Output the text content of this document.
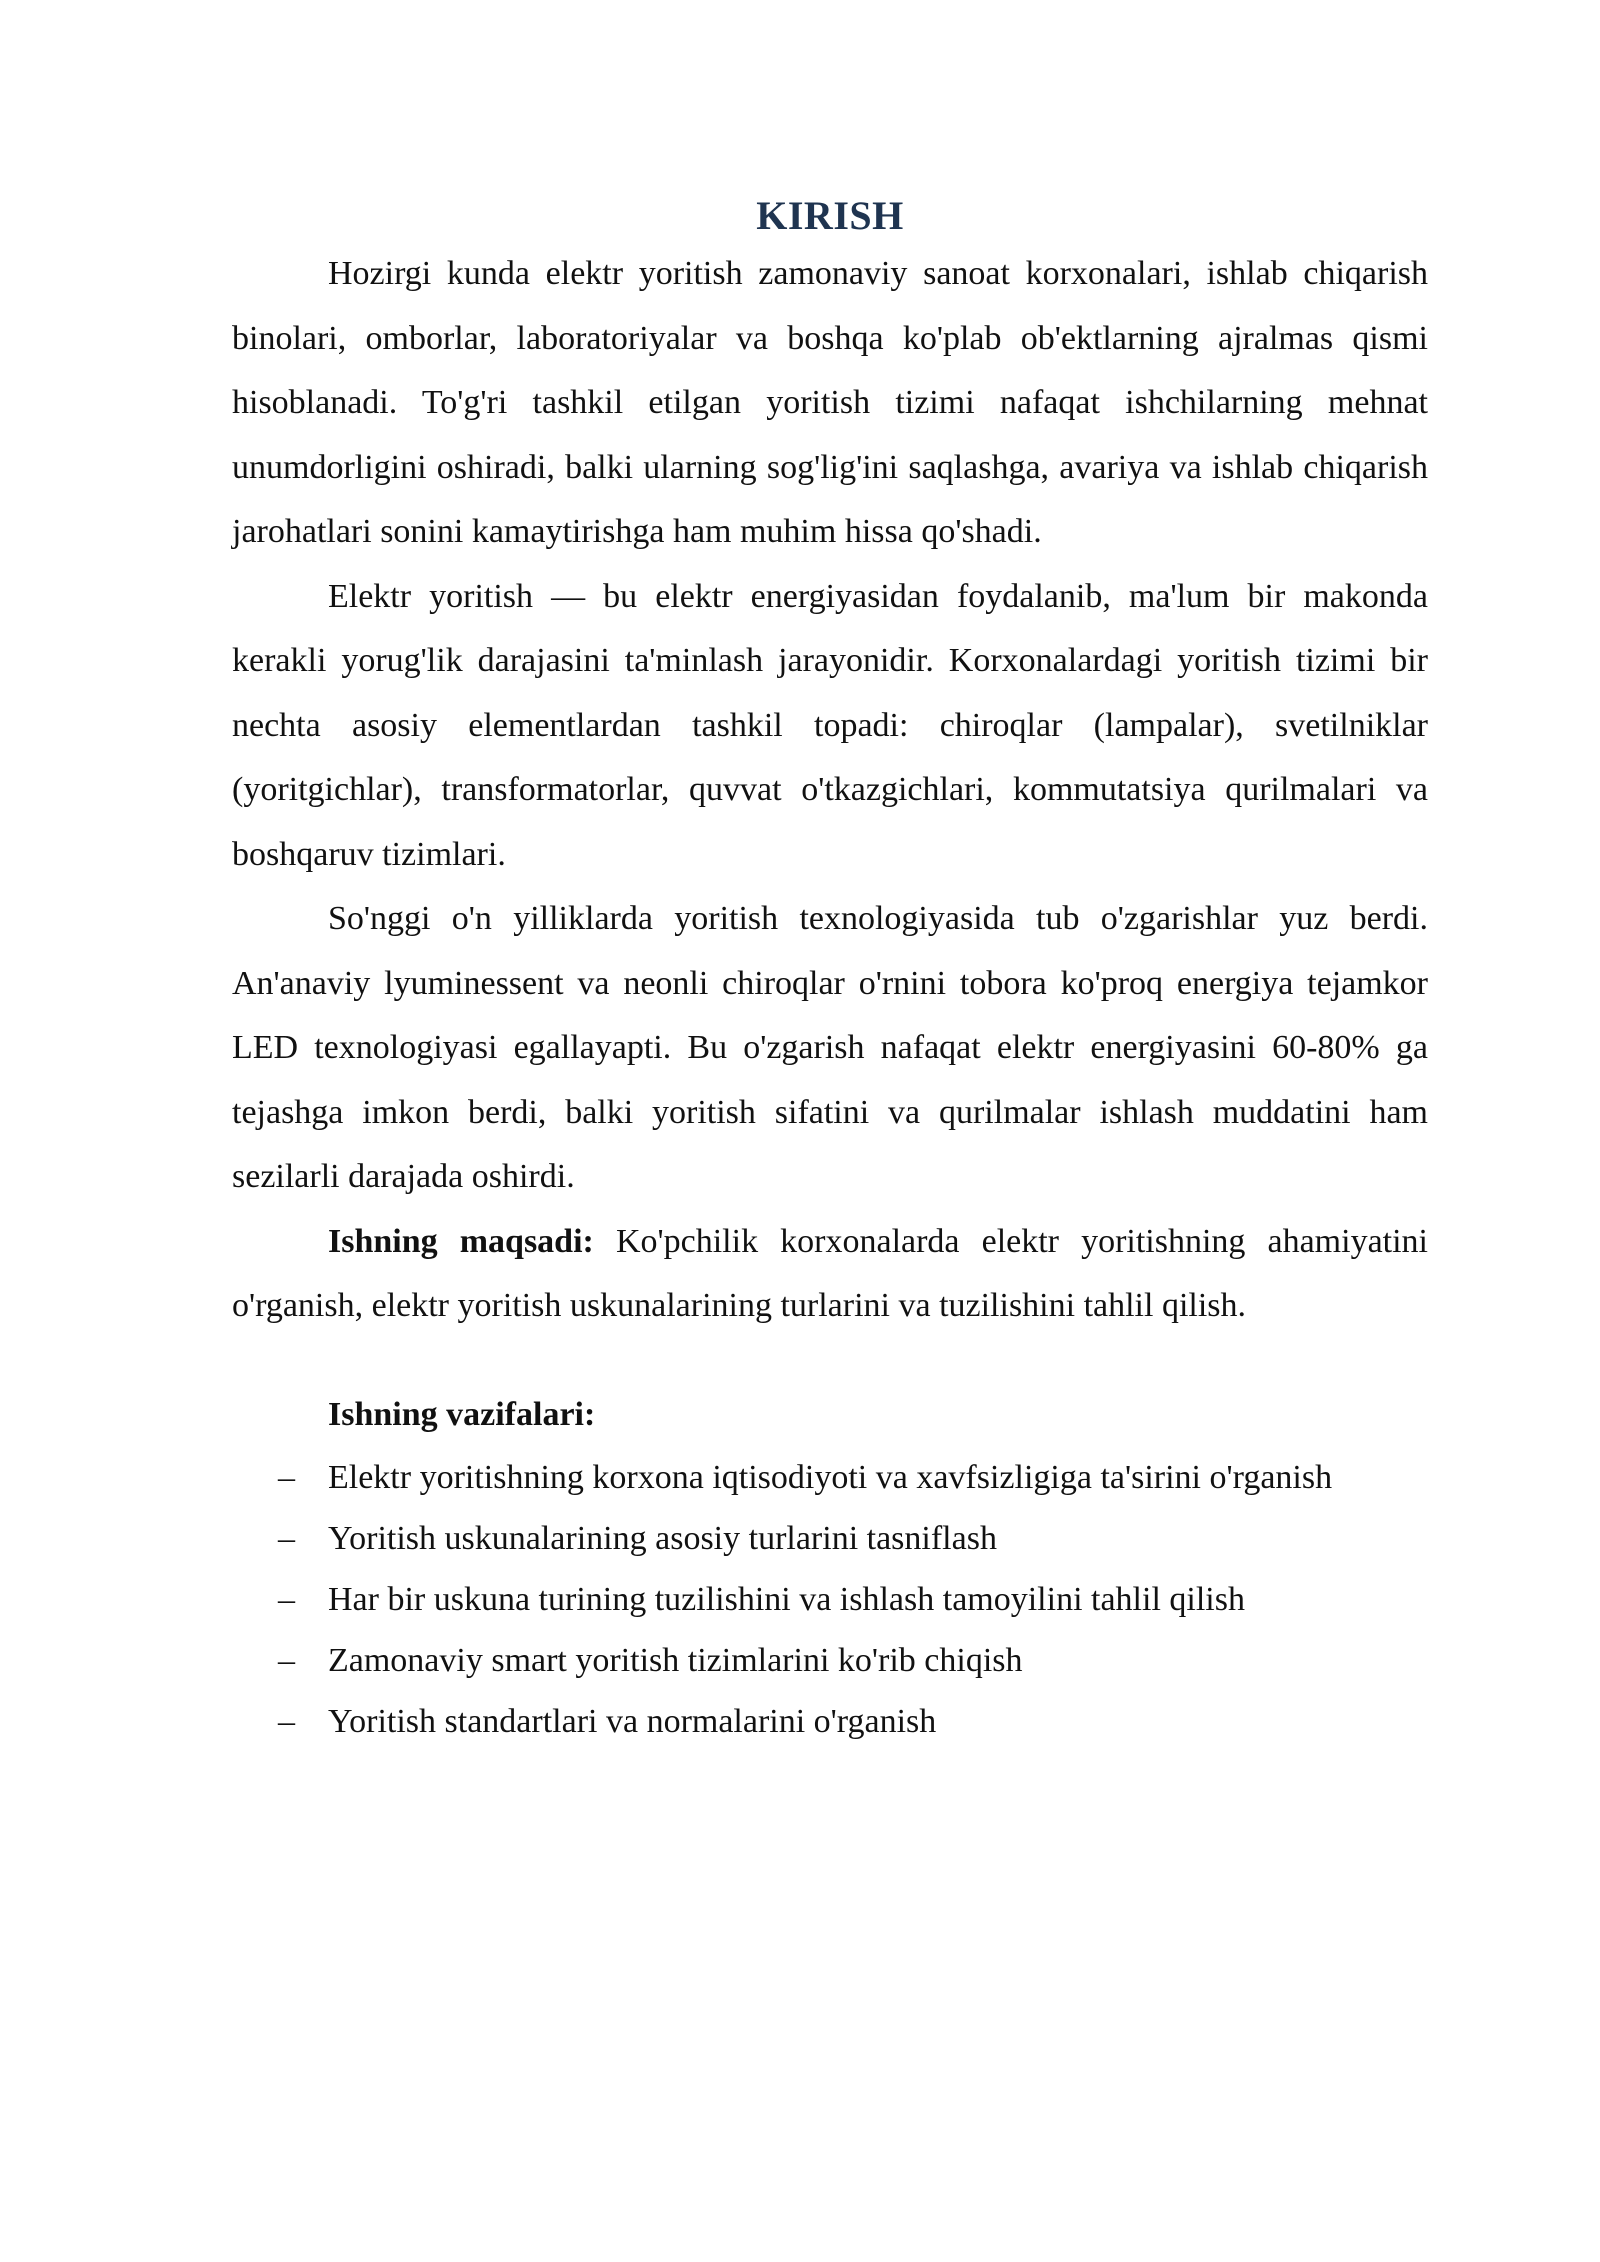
KIRISH

Hozirgi kunda elektr yoritish zamonaviy sanoat korxonalari, ishlab chiqarish binolari, omborlar, laboratoriyalar va boshqa ko'plab ob'ektlarning ajralmas qismi hisoblanadi. To'g'ri tashkil etilgan yoritish tizimi nafaqat ishchilarning mehnat unumdorligini oshiradi, balki ularning sog'lig'ini saqlashga, avariya va ishlab chiqarish jarohatlari sonini kamaytirishga ham muhim hissa qo'shadi.

Elektr yoritish — bu elektr energiyasidan foydalanib, ma'lum bir makonda kerakli yorug'lik darajasini ta'minlash jarayonidir. Korxonalardagi yoritish tizimi bir nechta asosiy elementlardan tashkil topadi: chiroqlar (lampalar), svetilniklar (yoritgichlar), transformatorlar, quvvat o'tkazgichlari, kommutatsiya qurilmalari va boshqaruv tizimlari.

So'nggi o'n yilliklarda yoritish texnologiyasida tub o'zgarishlar yuz berdi. An'anaviy lyuminessent va neonli chiroqlar o'rnini tobora ko'proq energiya tejamkor LED texnologiyasi egallayapti. Bu o'zgarish nafaqat elektr energiyasini 60-80% ga tejashga imkon berdi, balki yoritish sifatini va qurilmalar ishlash muddatini ham sezilarli darajada oshirdi.

Ishning maqsadi: Ko'pchilik korxonalarda elektr yoritishning ahamiyatini o'rganish, elektr yoritish uskunalarining turlarini va tuzilishini tahlil qilish.

Ishning vazifalari:
– Elektr yoritishning korxona iqtisodiyoti va xavfsizligiga ta'sirini o'rganish
– Yoritish uskunalarining asosiy turlarini tasniflash
– Har bir uskuna turining tuzilishini va ishlash tamoyilini tahlil qilish
– Zamonaviy smart yoritish tizimlarini ko'rib chiqish
– Yoritish standartlari va normalarini o'rganish
